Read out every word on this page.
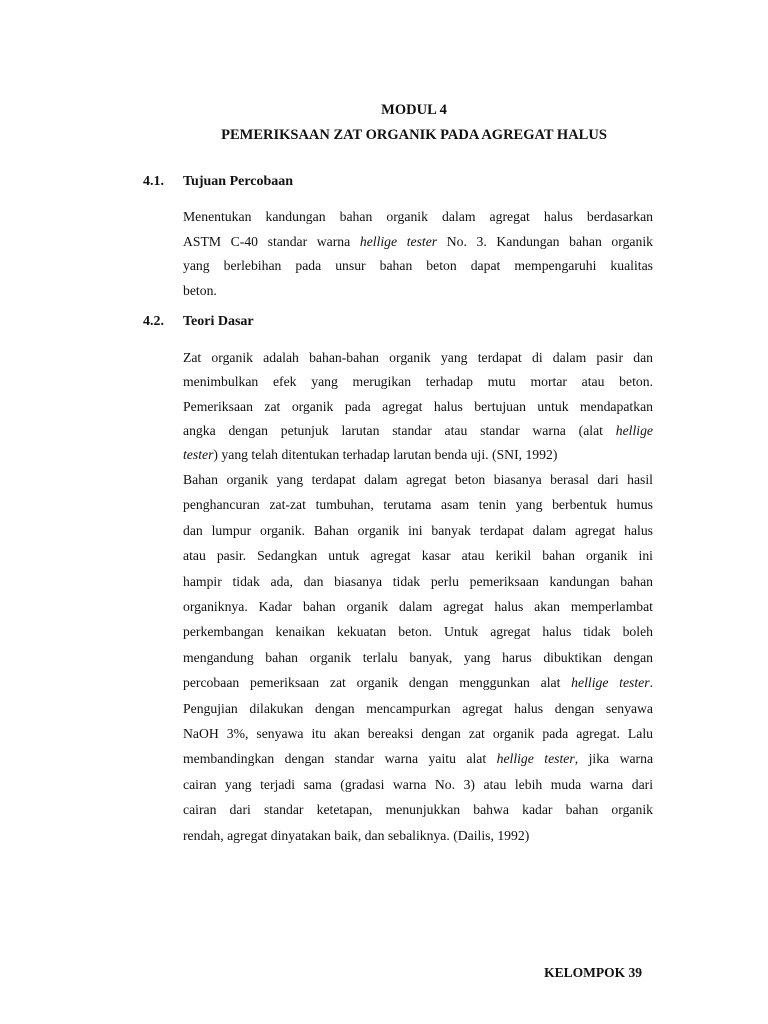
MODUL 4

PEMERIKSAAN ZAT ORGANIK PADA AGREGAT HALUS

4.1. Tujuan Percobaan

Menentukan kandungan bahan organik dalam agregat halus berdasarkan
ASTM C-40 standar warna hellige tester No. 3. Kandungan bahan organik
yang berlebihan pada unsur bahan beton dapat mempengaruhi kualitas
beton.

4.2. Teori Dasar

Zat organik adalah bahan-bahan organik yang terdapat di dalam pasir dan
menimbulkan efek yang merugikan terhadap mutu mortar atau beton.
Pemeriksaan zat organik pada agregat halus bertujuan untuk mendapatkan
angka dengan petunjuk larutan standar atau standar warna (alat hellige
tester) yang telah ditentukan terhadap larutan benda uji. (SNI, 1992)
Bahan organik yang terdapat dalam agregat beton biasanya berasal dari hasil
penghancuran zat-zat tumbuhan, terutama asam tenin yang berbentuk humus
dan lumpur organik. Bahan organik ini banyak terdapat dalam agregat halus
atau pasir. Sedangkan untuk agregat kasar atau kerikil bahan organik ini
hampir tidak ada, dan biasanya tidak perlu pemeriksaan kandungan bahan
organiknya. Kadar bahan organik dalam agregat halus akan memperlambat
perkembangan kenaikan kekuatan beton. Untuk agregat halus tidak boleh
mengandung bahan organik terlalu banyak, yang harus dibuktikan dengan
percobaan pemeriksaan zat organik dengan menggunkan alat hellige tester.
Pengujian dilakukan dengan mencampurkan agregat halus dengan senyawa
NaOH 3%, senyawa itu akan bereaksi dengan zat organik pada agregat. Lalu
membandingkan dengan standar warna yaitu alat hellige tester, jika warna
cairan yang terjadi sama (gradasi warna No. 3) atau lebih muda warna dari
cairan dari standar ketetapan, menunjukkan bahwa kadar bahan organik
rendah, agregat dinyatakan baik, dan sebaliknya. (Dailis, 1992)

KELOMPOK 39
